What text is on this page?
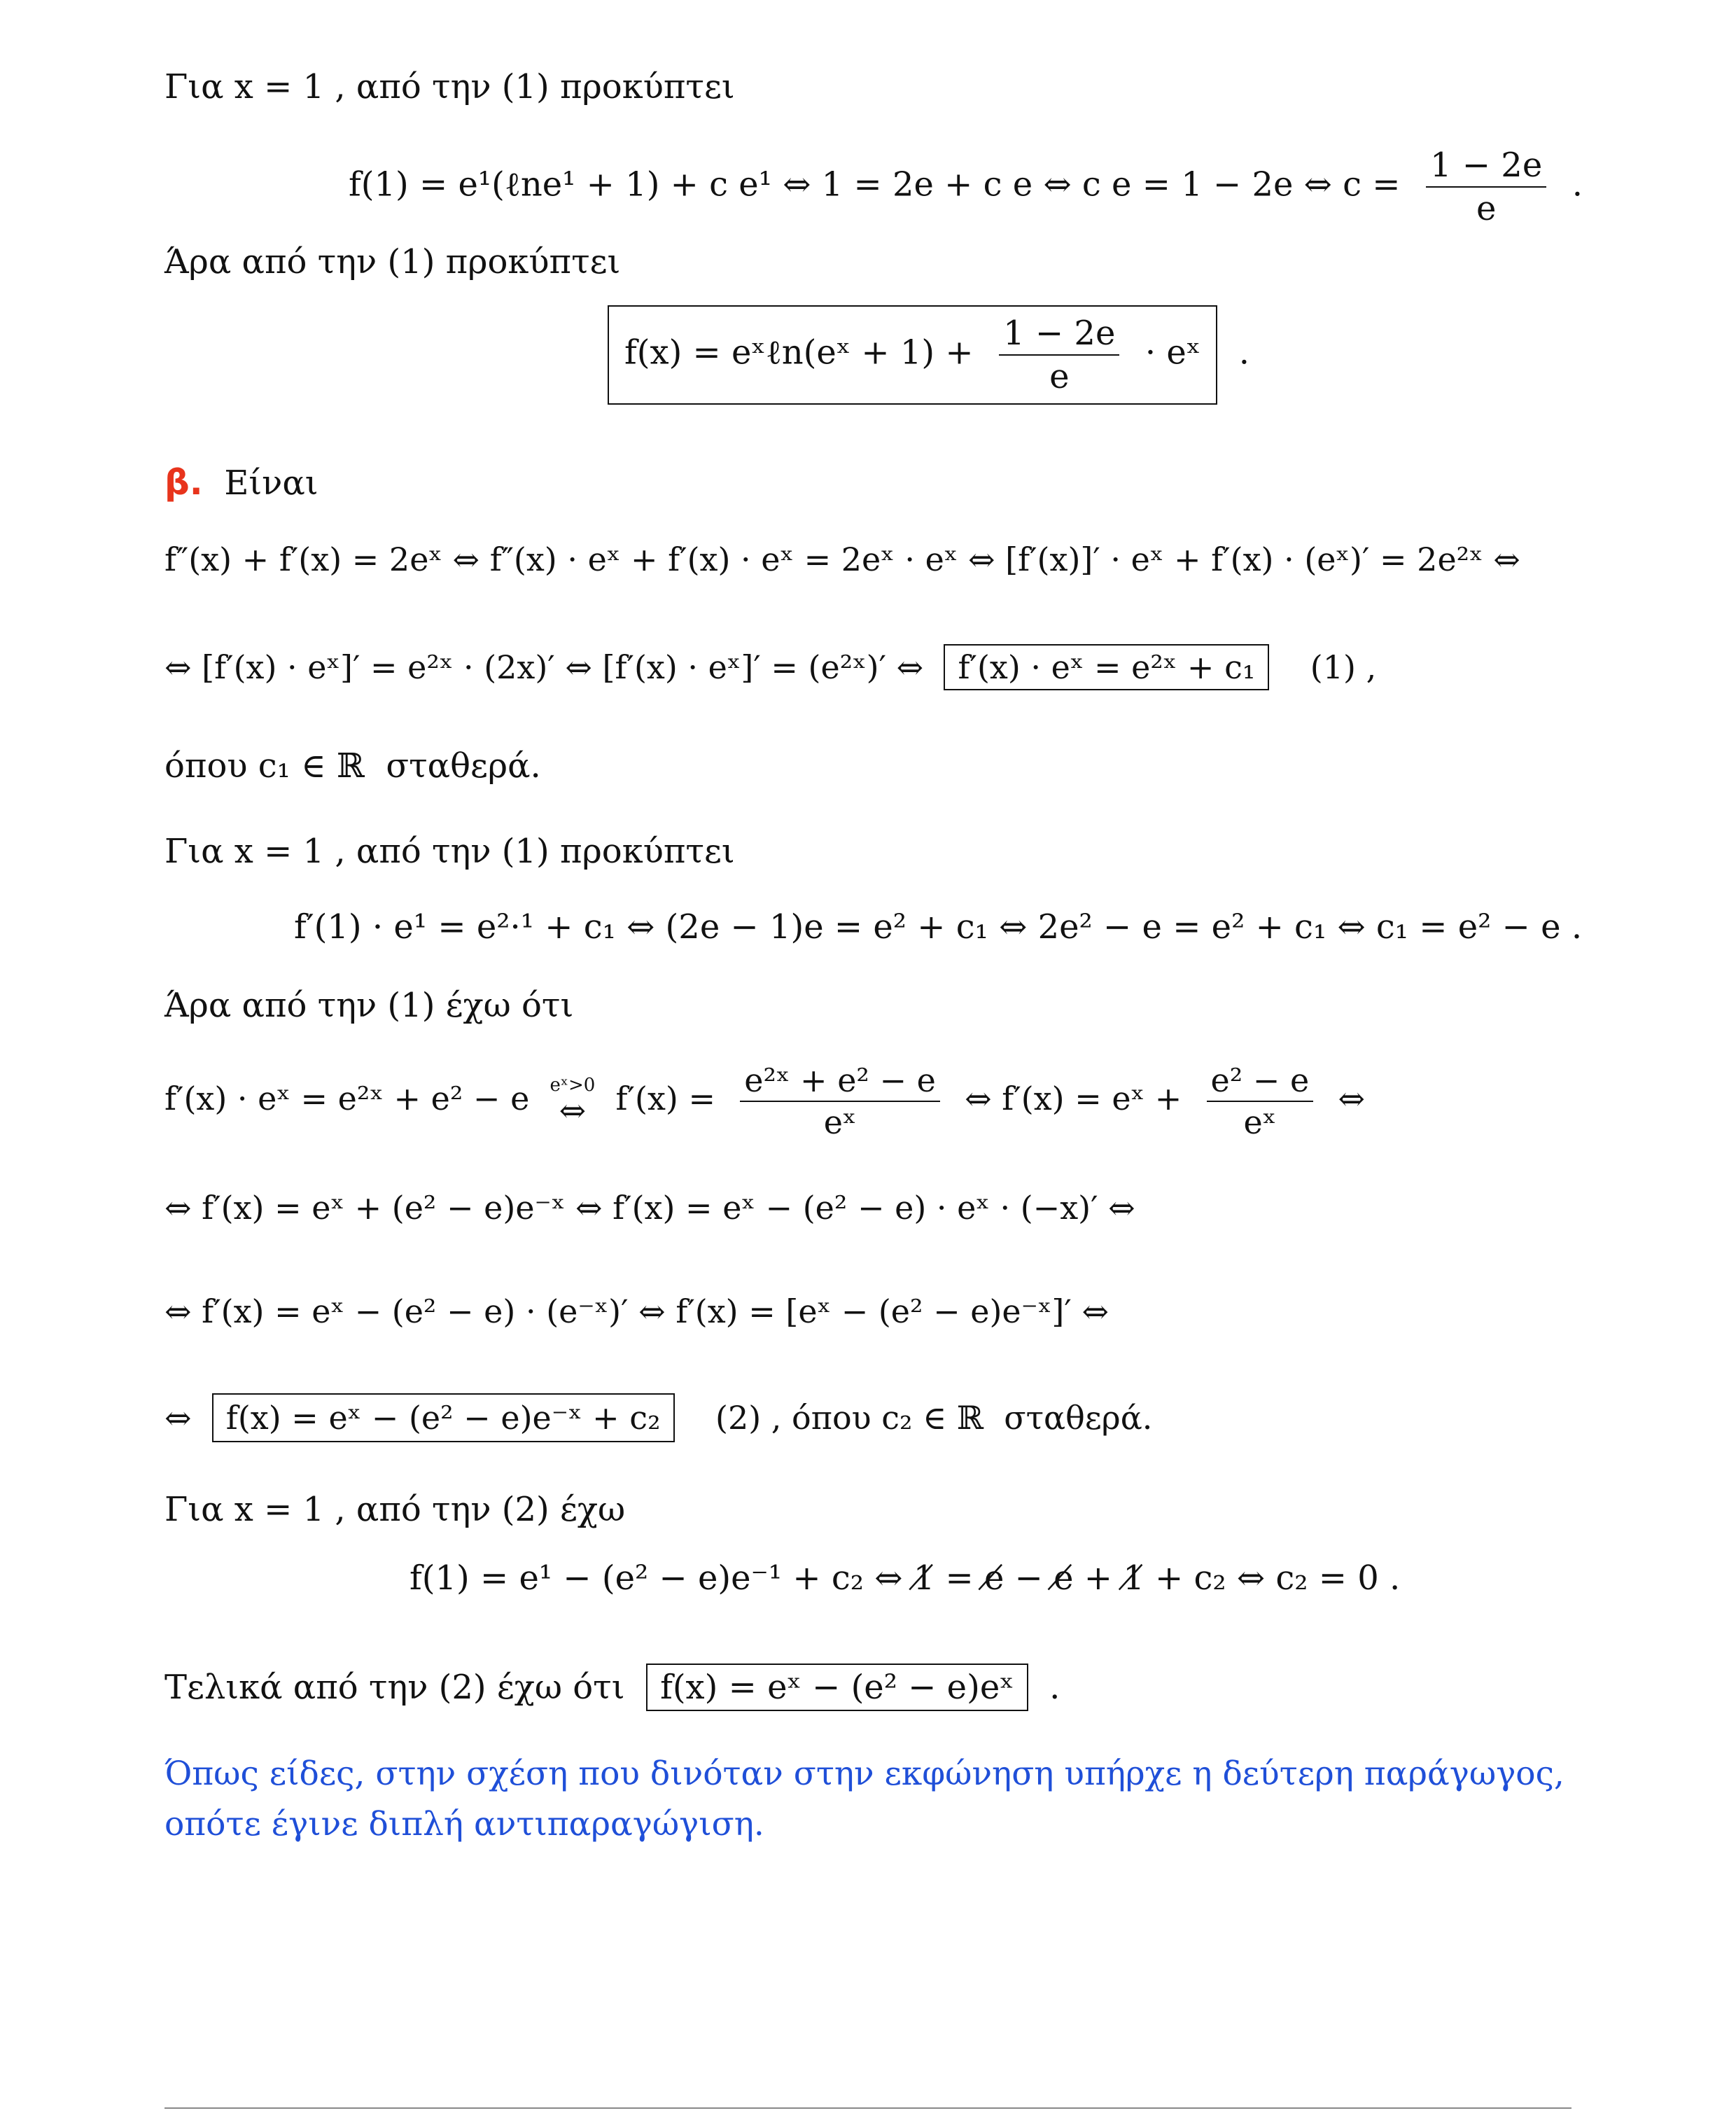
Για x = 1 , από την (1) προκύπτει
f(1) = e¹(ℓne¹ + 1) + c e¹ ⇔ 1 = 2e + c e ⇔ c e = 1 − 2e ⇔ $c = \frac{1 - 2e}{e}$ .
Άρα από την (1) προκύπτει
f(x) = eˣℓn(eˣ + $1) + \frac{1 - 2e}{e}$ · eˣ  .
β.  Είναι
f″(x) + f′(x) = 2eˣ ⇔ f″(x) · eˣ + f′(x) · eˣ = 2eˣ · eˣ ⇔ [f′(x)]′ · eˣ + f′(x) · (eˣ)′ = 2e²ˣ ⇔
⇔ [f′(x) · eˣ]′ = e²ˣ · (2x)′ ⇔ [f′(x) · eˣ]′ = (e²ˣ)′ ⇔  f′(x) · eˣ = e²ˣ + c₁    (1) ,
όπου c₁ ∈ ℝ  σταθερά.
Για x = 1 , από την (1) προκύπτει
f′(1) · e¹ = e²·¹ + c₁ ⇔ (2e − 1)e = e² + c₁ ⇔ 2e² − e = e² + c₁ ⇔ c₁ = e² − e .
Άρα από την (1) έχω ότι
f′(x) · eˣ = e²ˣ + e² − e eˣ>0
⇔ $f'(x) = \frac{\text{e²ˣ + e² − e}}{\text{eˣ}}$ ⇔ f′(x) = eˣ + $\frac{\text{e² − e}}{\text{eˣ}}$ ⇔
⇔ f′(x) = eˣ + (e² − e)e⁻ˣ ⇔ f′(x) = eˣ − (e² − e) · eˣ · (−x)′ ⇔
⇔ f′(x) = eˣ − (e² − e) · (e⁻ˣ)′ ⇔ f′(x) = [eˣ − (e² − e)e⁻ˣ]′ ⇔
⇔  f(x) = eˣ − (e² − e)e⁻ˣ + c₂    (2) , όπου c₂ ∈ ℝ  σταθερά.
Για x = 1 , από την (2) έχω
f(1) = e¹ − (e² − e)e⁻¹ + c₂ ⇔ 1̸ = e̸ − e̸ + 1̸ + c₂ ⇔ c₂ = 0 .
Τελικά από την (2) έχω ότι  f(x) = eˣ − (e² − e)eˣ  .
Όπως είδες, στην σχέση που δινόταν στην εκφώνηση υπήρχε η δεύτερη παράγωγος,
οπότε έγινε διπλή αντιπαραγώγιση.
